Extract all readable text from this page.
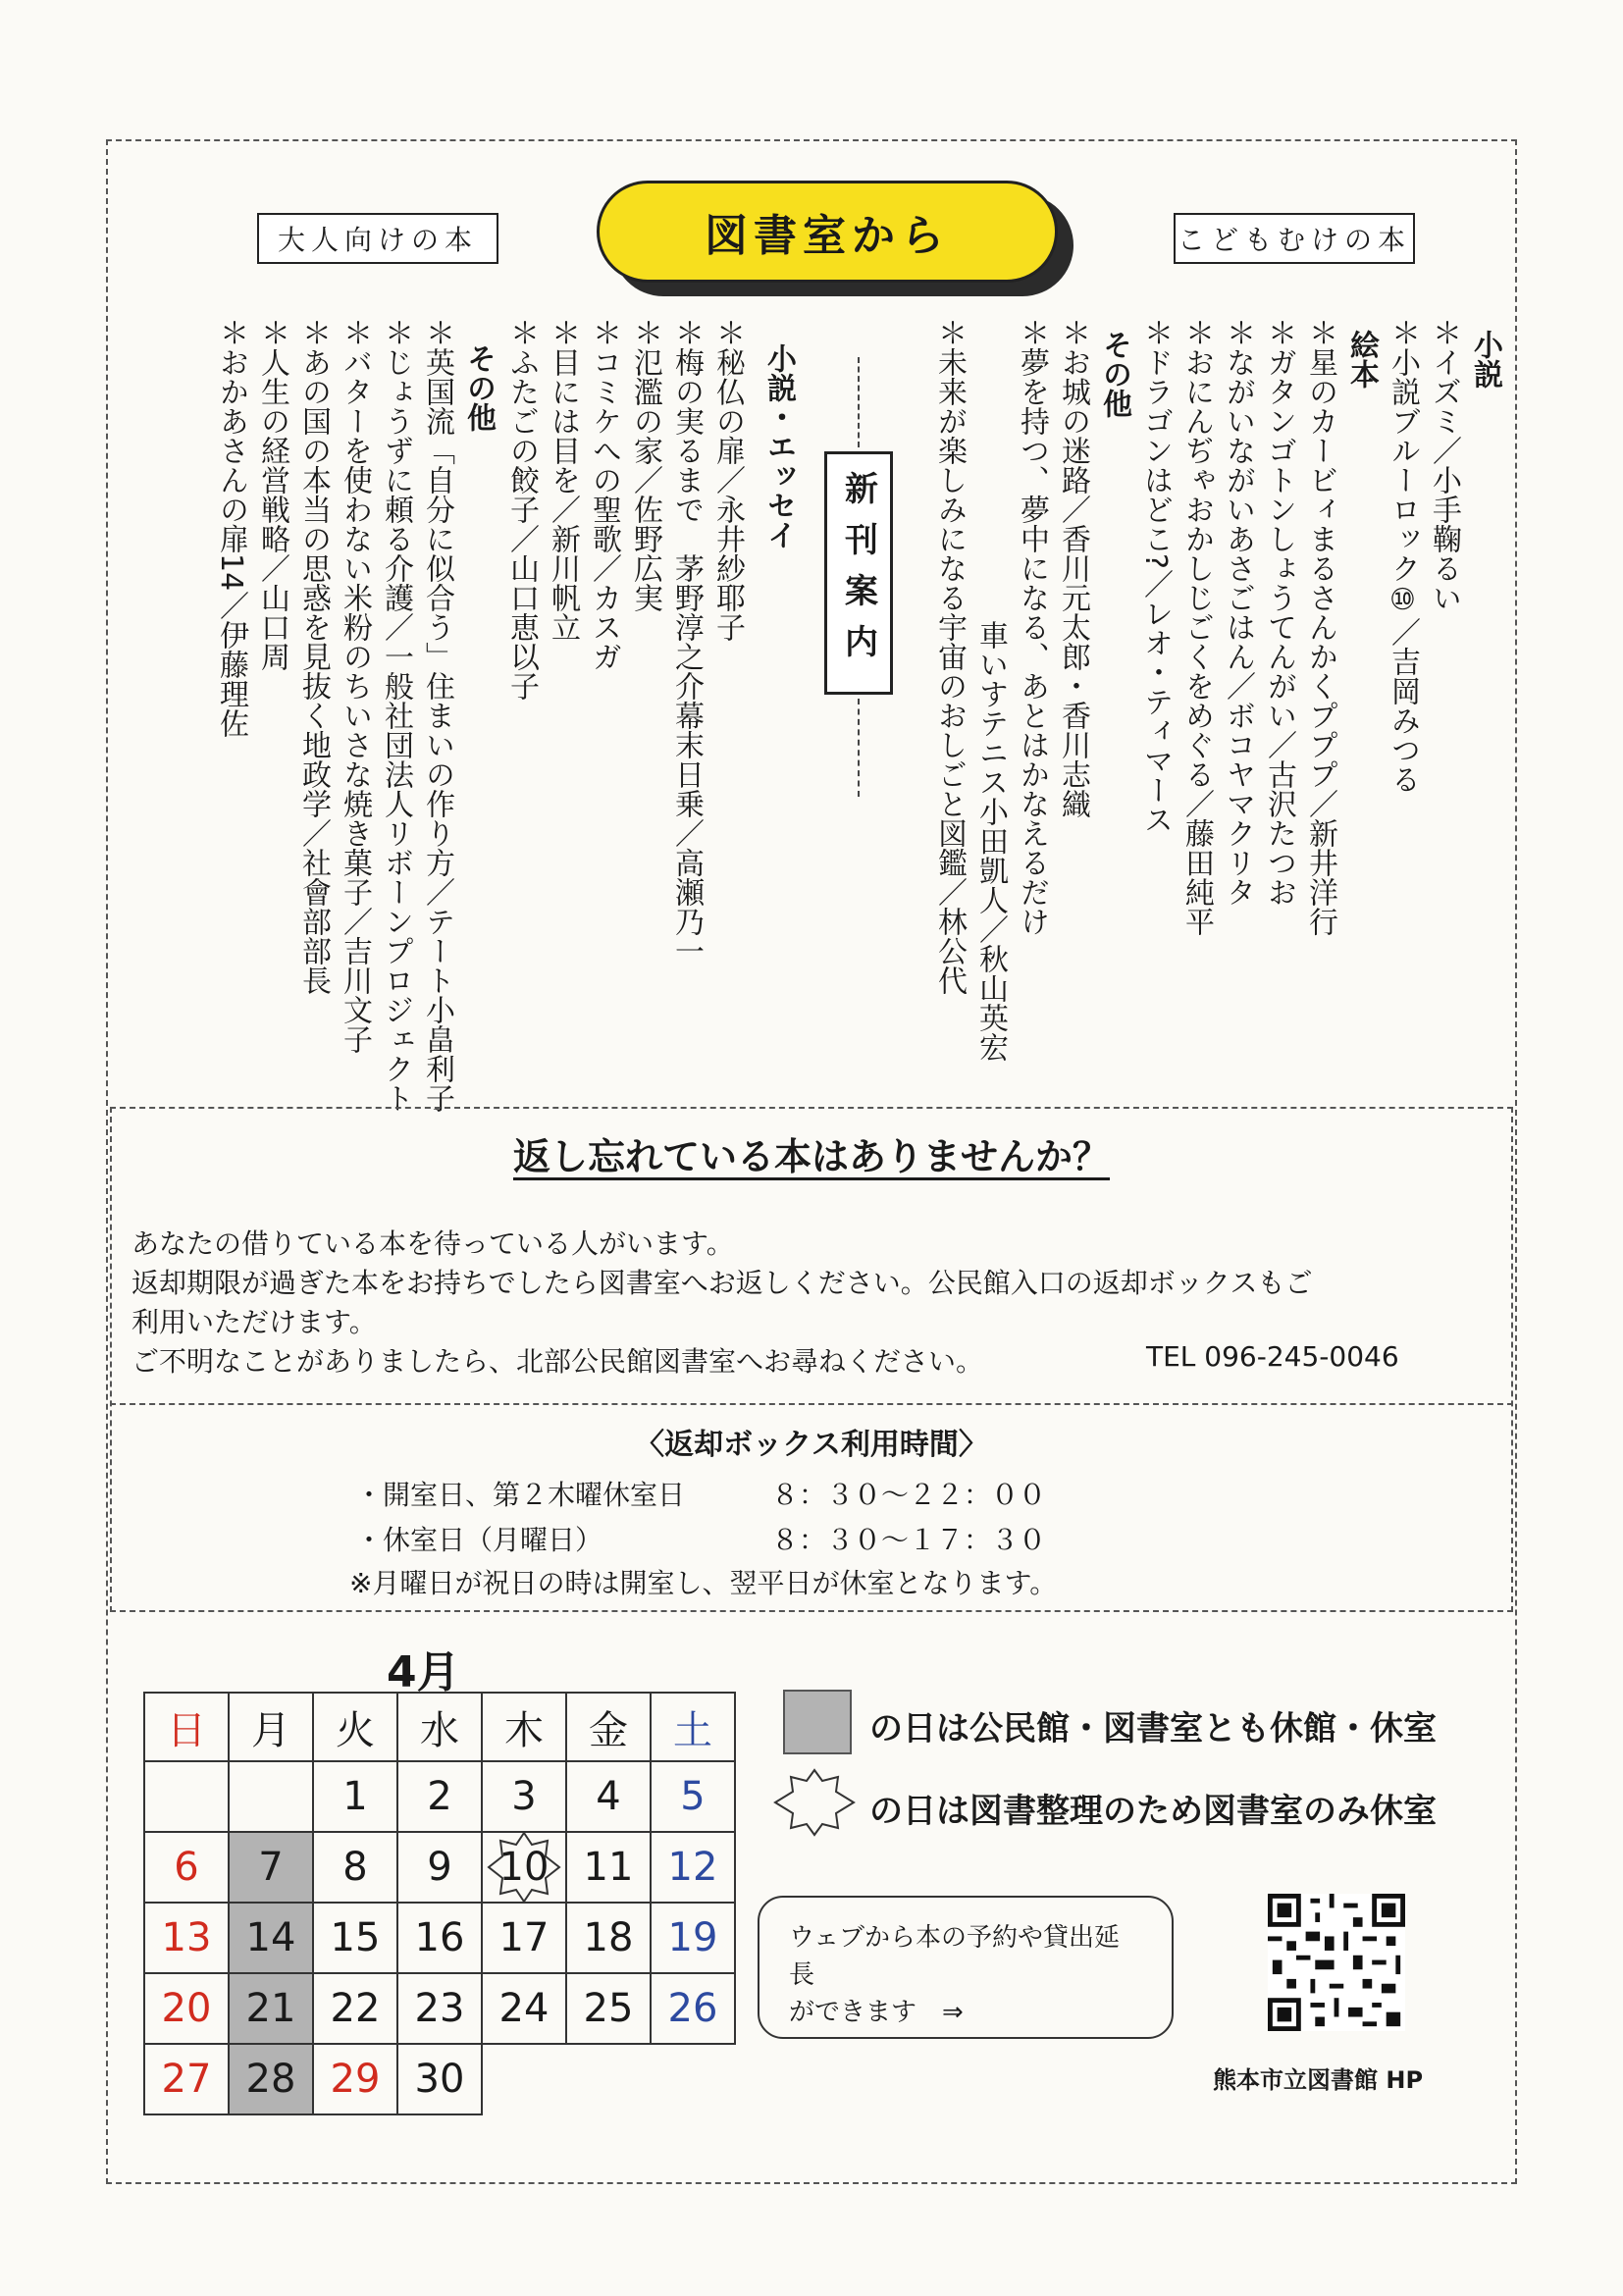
大人向けの本	図書室から	こどもむけの本
小説
＊イズミ／小手鞠るい
＊小説ブルーロック⑩／吉岡みつる
絵本
＊星のカービィまるさんかくプププ／新井洋行
＊ガタンゴトンしょうてんがい／古沢たつお
＊ながいながいあさごはん／ボコヤマクリタ
＊おにんぢゃおかしじごくをめぐる／藤田純平
＊ドラゴンはどこ?／レオ・ティマース
その他
＊お城の迷路／香川元太郎・香川志織
＊夢を持つ、夢中になる、あとはかなえるだけ
車いすテニス小田凱人／秋山英宏
＊未来が楽しみになる宇宙のおしごと図鑑／林公代
新刊案内
小説・エッセイ
＊秘仏の扉／永井紗耶子
＊梅の実るまで　茅野淳之介幕末日乗／高瀬乃一
＊氾濫の家／佐野広実
＊コミケへの聖歌／カスガ
＊目には目を／新川帆立
＊ふたごの餃子／山口恵以子
その他
＊英国流「自分に似合う」住まいの作り方／テート小畠利子
＊じょうずに頼る介護／一般社団法人リボーンプロジェクト
＊バターを使わない米粉のちいさな焼き菓子／吉川文子
＊あの国の本当の思惑を見抜く地政学／社會部部長
＊人生の経営戦略／山口周
＊おかあさんの扉14／伊藤理佐
返し忘れている本はありませんか？
あなたの借りている本を待っている人がいます。
返却期限が過ぎた本をお持ちでしたら図書室へお返しください。公民館入口の返却ボックスもご
利用いただけます。
ご不明なことがありましたら、北部公民館図書室へお尋ねください。	TEL 096-245-0046
〈返却ボックス利用時間〉
・開室日、第２木曜休室日	８：３０～２２：００
・休室日（月曜日）	８：３０～１７：３０
※月曜日が祝日の時は開室し、翌平日が休室となります。
4月
日	月	火	水	木	金	土
		1	2	3	4	5
6	7	8	9	10	11	12
13	14	15	16	17	18	19
20	21	22	23	24	25	26
27	28	29	30			
の日は公民館・図書室とも休館・休室
の日は図書整理のため図書室のみ休室
ウェブから本の予約や貸出延長
ができます　⇒
熊本市立図書館 HP
